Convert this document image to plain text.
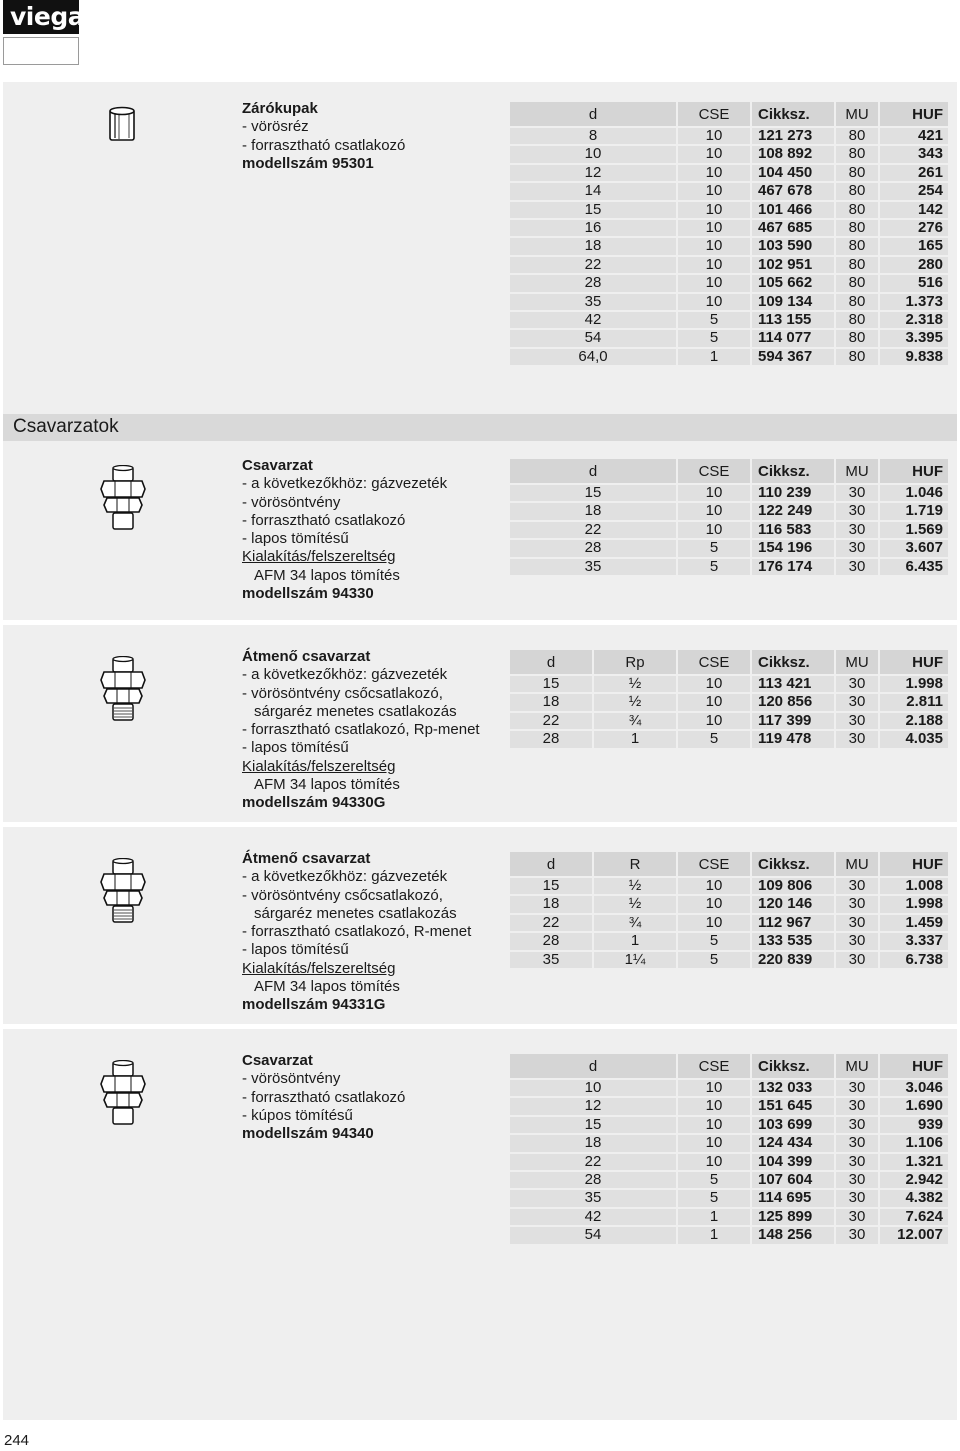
viega
Csavarzatok
Zárókupak
- vörösréz
- forrasztható csatlakozó
modellszám 95301
d	CSE	Cikksz.	MU	HUF
8	10	121 273	80	421
10	10	108 892	80	343
12	10	104 450	80	261
14	10	467 678	80	254
15	10	101 466	80	142
16	10	467 685	80	276
18	10	103 590	80	165
22	10	102 951	80	280
28	10	105 662	80	516
35	10	109 134	80	1.373
42	5	113 155	80	2.318
54	5	114 077	80	3.395
64,0	1	594 367	80	9.838
Csavarzat
- a következőkhöz: gázvezeték
- vörösöntvény
- forrasztható csatlakozó
- lapos tömítésű
Kialakítás/felszereltség
AFM 34 lapos tömítés
modellszám 94330
d	CSE	Cikksz.	MU	HUF
15	10	110 239	30	1.046
18	10	122 249	30	1.719
22	10	116 583	30	1.569
28	5	154 196	30	3.607
35	5	176 174	30	6.435
Átmenő csavarzat
- a következőkhöz: gázvezeték
- vörösöntvény csőcsatlakozó,
sárgaréz menetes csatlakozás
- forrasztható csatlakozó, Rp-menet
- lapos tömítésű
Kialakítás/felszereltség
AFM 34 lapos tömítés
modellszám 94330G
d	Rp	CSE	Cikksz.	MU	HUF
15	½	10	113 421	30	1.998
18	½	10	120 856	30	2.811
22	¾	10	117 399	30	2.188
28	1	5	119 478	30	4.035
Átmenő csavarzat
- a következőkhöz: gázvezeték
- vörösöntvény csőcsatlakozó,
sárgaréz menetes csatlakozás
- forrasztható csatlakozó, R-menet
- lapos tömítésű
Kialakítás/felszereltség
AFM 34 lapos tömítés
modellszám 94331G
d	R	CSE	Cikksz.	MU	HUF
15	½	10	109 806	30	1.008
18	½	10	120 146	30	1.998
22	¾	10	112 967	30	1.459
28	1	5	133 535	30	3.337
35	1¼	5	220 839	30	6.738
Csavarzat
- vörösöntvény
- forrasztható csatlakozó
- kúpos tömítésű
modellszám 94340
d	CSE	Cikksz.	MU	HUF
10	10	132 033	30	3.046
12	10	151 645	30	1.690
15	10	103 699	30	939
18	10	124 434	30	1.106
22	10	104 399	30	1.321
28	5	107 604	30	2.942
35	5	114 695	30	4.382
42	1	125 899	30	7.624
54	1	148 256	30	12.007
244
